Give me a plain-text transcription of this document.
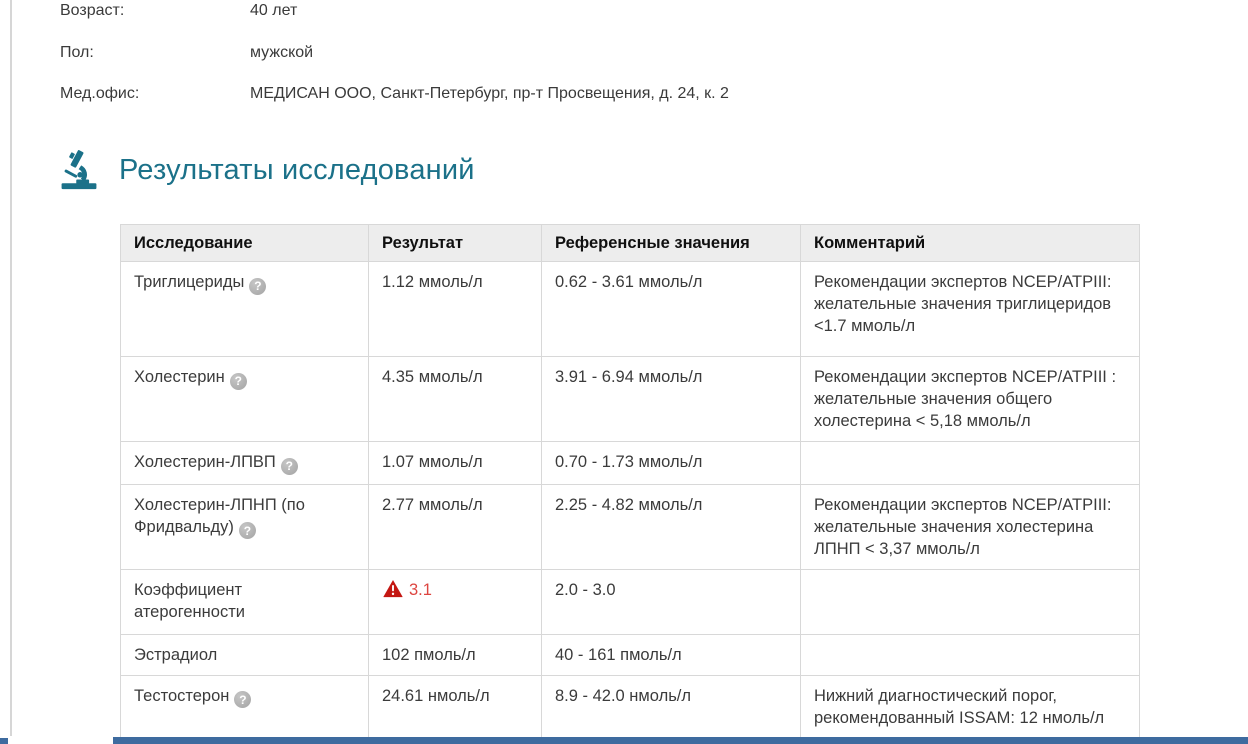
Возраст:	40 лет
Пол:	мужской
Мед.офис:	МЕДИСАН ООО, Санкт-Петербург, пр-т Просвещения, д. 24, к. 2
Результаты исследований
Исследование	Результат	Референсные значения	Комментарий
Триглицериды ?	1.12 ммоль/л	0.62 - 3.61 ммоль/л	Рекомендации экспертов NCEP/ATPIII: желательные значения триглицеридов <1.7 ммоль/л
Холестерин ?	4.35 ммоль/л	3.91 - 6.94 ммоль/л	Рекомендации экспертов NCEP/ATPIII : желательные значения общего холестерина < 5,18 ммоль/л
Холестерин-ЛПВП ?	1.07 ммоль/л	0.70 - 1.73 ммоль/л	
Холестерин-ЛПНП (по Фридвальду) ?	2.77 ммоль/л	2.25 - 4.82 ммоль/л	Рекомендации экспертов NCEP/ATPIII: желательные значения холестерина ЛПНП < 3,37 ммоль/л
Коэффициент атерогенности	3.1	2.0 - 3.0	
Эстрадиол	102 пмоль/л	40 - 161 пмоль/л	
Тестостерон ?	24.61 нмоль/л	8.9 - 42.0 нмоль/л	Нижний диагностический порог, рекомендованный ISSAM: 12 нмоль/л
